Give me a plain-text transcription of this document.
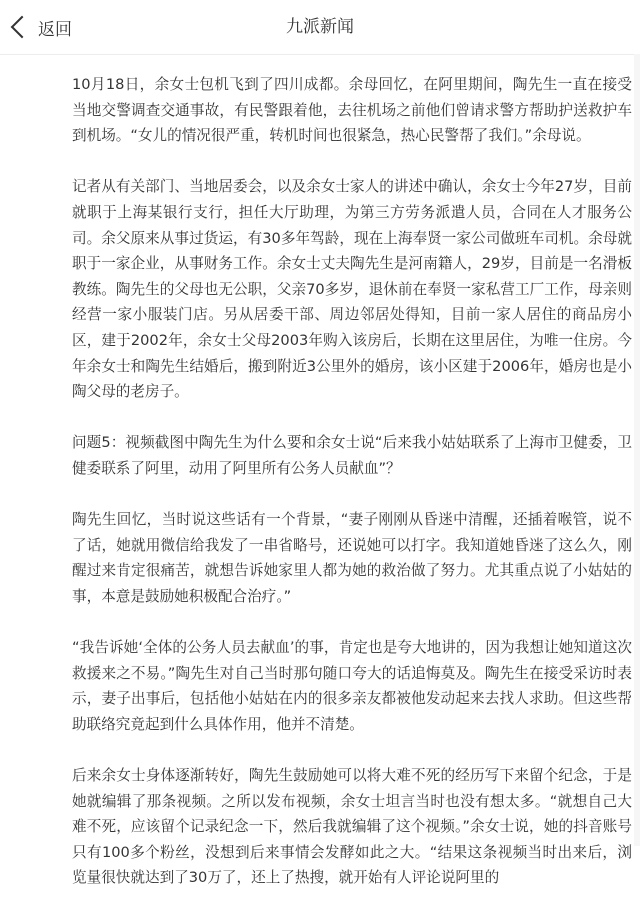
返回	九派新闻

10月18日，余女士包机飞到了四川成都。余母回忆，在阿里期间，陶先生一直在接受当地交警调查交通事故，有民警跟着他，去往机场之前他们曾请求警方帮助护送救护车到机场。“女儿的情况很严重，转机时间也很紧急，热心民警帮了我们。”余母说。

记者从有关部门、当地居委会，以及余女士家人的讲述中确认，余女士今年27岁，目前就职于上海某银行支行，担任大厅助理，为第三方劳务派遣人员，合同在人才服务公司。余父原来从事过货运，有30多年驾龄，现在上海奉贤一家公司做班车司机。余母就职于一家企业，从事财务工作。余女士丈夫陶先生是河南籍人，29岁，目前是一名滑板教练。陶先生的父母也无公职，父亲70多岁，退休前在奉贤一家私营工厂工作，母亲则经营一家小服装门店。另从居委干部、周边邻居处得知，目前一家人居住的商品房小区，建于2002年，余女士父母2003年购入该房后，长期在这里居住，为唯一住房。今年余女士和陶先生结婚后，搬到附近3公里外的婚房，该小区建于2006年，婚房也是小陶父母的老房子。

问题5：视频截图中陶先生为什么要和余女士说“后来我小姑姑联系了上海市卫健委，卫健委联系了阿里，动用了阿里所有公务人员献血”？

陶先生回忆，当时说这些话有一个背景，“妻子刚刚从昏迷中清醒，还插着喉管，说不了话，她就用微信给我发了一串省略号，还说她可以打字。我知道她昏迷了这么久，刚醒过来肯定很痛苦，就想告诉她家里人都为她的救治做了努力。尤其重点说了小姑姑的事，本意是鼓励她积极配合治疗。”

“我告诉她‘全体的公务人员去献血’的事，肯定也是夸大地讲的，因为我想让她知道这次救援来之不易。”陶先生对自己当时那句随口夸大的话追悔莫及。陶先生在接受采访时表示，妻子出事后，包括他小姑姑在内的很多亲友都被他发动起来去找人求助。但这些帮助联络究竟起到什么具体作用，他并不清楚。

后来余女士身体逐渐转好，陶先生鼓励她可以将大难不死的经历写下来留个纪念，于是她就编辑了那条视频。之所以发布视频，余女士坦言当时也没有想太多。“就想自己大难不死，应该留个记录纪念一下，然后我就编辑了这个视频。”余女士说，她的抖音账号只有100多个粉丝，没想到后来事情会发酵如此之大。“结果这条视频当时出来后，浏览量很快就达到了30万了，还上了热搜，就开始有人评论说阿里的
